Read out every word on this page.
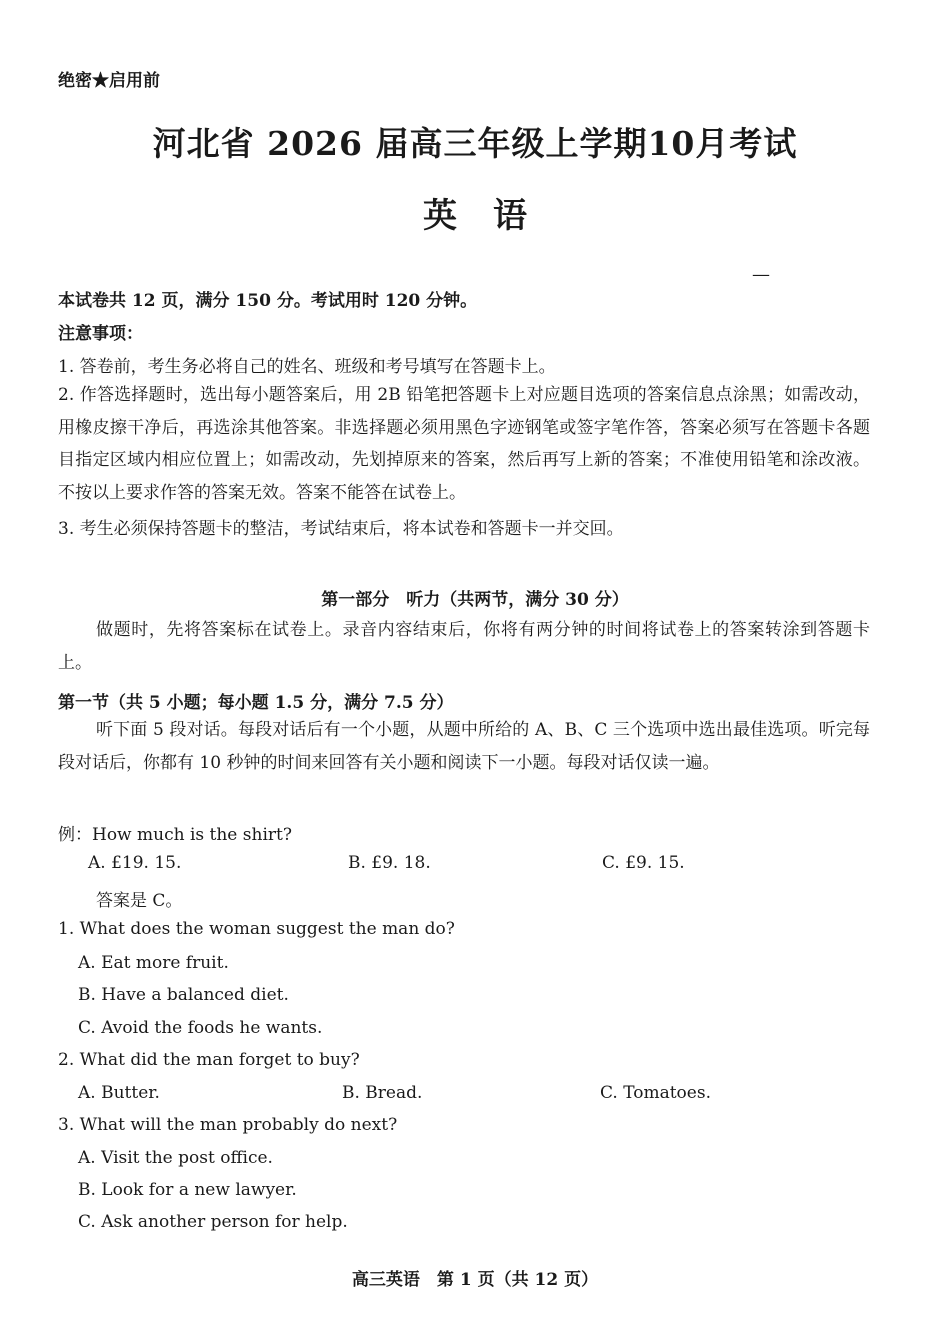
绝密★启用前
河北省 2026 届高三年级上学期10月考试
英语
—
本试卷共 12 页，满分 150 分。考试用时 120 分钟。
注意事项：
1. 答卷前，考生务必将自己的姓名、班级和考号填写在答题卡上。
2. 作答选择题时，选出每小题答案后，用 2B 铅笔把答题卡上对应题目选项的答案信息点涂黑；如需改动，用橡皮擦干净后，再选涂其他答案。非选择题必须用黑色字迹钢笔或签字笔作答，答案必须写在答题卡各题目指定区域内相应位置上；如需改动，先划掉原来的答案，然后再写上新的答案；不准使用铅笔和涂改液。不按以上要求作答的答案无效。答案不能答在试卷上。
3. 考生必须保持答题卡的整洁，考试结束后，将本试卷和答题卡一并交回。
第一部分　听力（共两节，满分 30 分）
做题时，先将答案标在试卷上。录音内容结束后，你将有两分钟的时间将试卷上的答案转涂到答题卡上。
第一节（共 5 小题；每小题 1.5 分，满分 7.5 分）
听下面 5 段对话。每段对话后有一个小题，从题中所给的 A、B、C 三个选项中选出最佳选项。听完每段对话后，你都有 10 秒钟的时间来回答有关小题和阅读下一小题。每段对话仅读一遍。
例：How much is the shirt?
A. £19. 15.	B. £9. 18.	C. £9. 15.
答案是 C。
1. What does the woman suggest the man do?
A. Eat more fruit.
B. Have a balanced diet.
C. Avoid the foods he wants.
2. What did the man forget to buy?
A. Butter.	B. Bread.	C. Tomatoes.
3. What will the man probably do next?
A. Visit the post office.
B. Look for a new lawyer.
C. Ask another person for help.
高三英语　第 1 页（共 12 页）
